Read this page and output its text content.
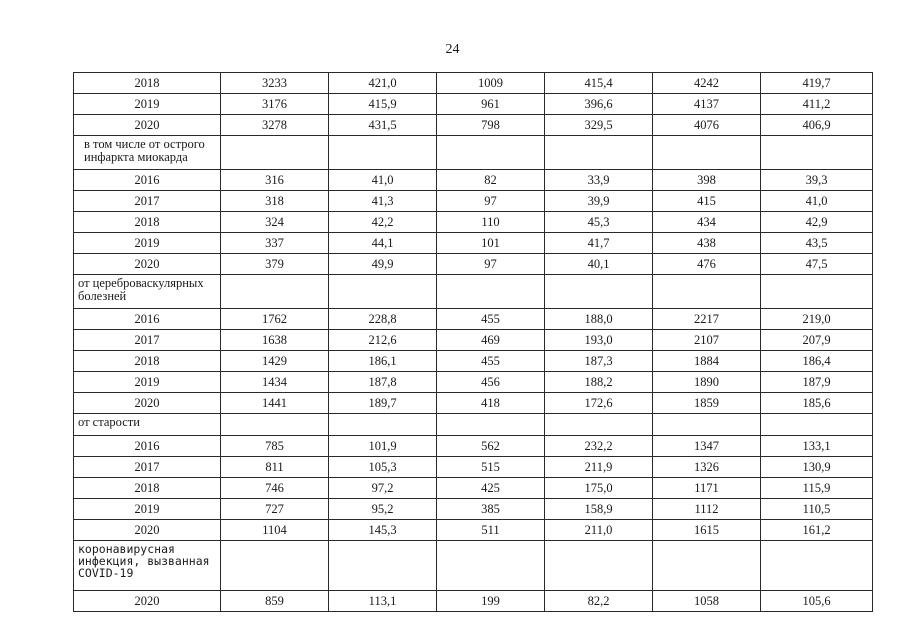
24
2018	3233	421,0	1009	415,4	4242	419,7
2019	3176	415,9	961	396,6	4137	411,2
2020	3278	431,5	798	329,5	4076	406,9
в том числе от острого инфаркта миокарда						
2016	316	41,0	82	33,9	398	39,3
2017	318	41,3	97	39,9	415	41,0
2018	324	42,2	110	45,3	434	42,9
2019	337	44,1	101	41,7	438	43,5
2020	379	49,9	97	40,1	476	47,5
от цереброваскулярных болезней						
2016	1762	228,8	455	188,0	2217	219,0
2017	1638	212,6	469	193,0	2107	207,9
2018	1429	186,1	455	187,3	1884	186,4
2019	1434	187,8	456	188,2	1890	187,9
2020	1441	189,7	418	172,6	1859	185,6
от старости						
2016	785	101,9	562	232,2	1347	133,1
2017	811	105,3	515	211,9	1326	130,9
2018	746	97,2	425	175,0	1171	115,9
2019	727	95,2	385	158,9	1112	110,5
2020	1104	145,3	511	211,0	1615	161,2
коронавирусная инфекция, вызванная COVID-19						
2020	859	113,1	199	82,2	1058	105,6
